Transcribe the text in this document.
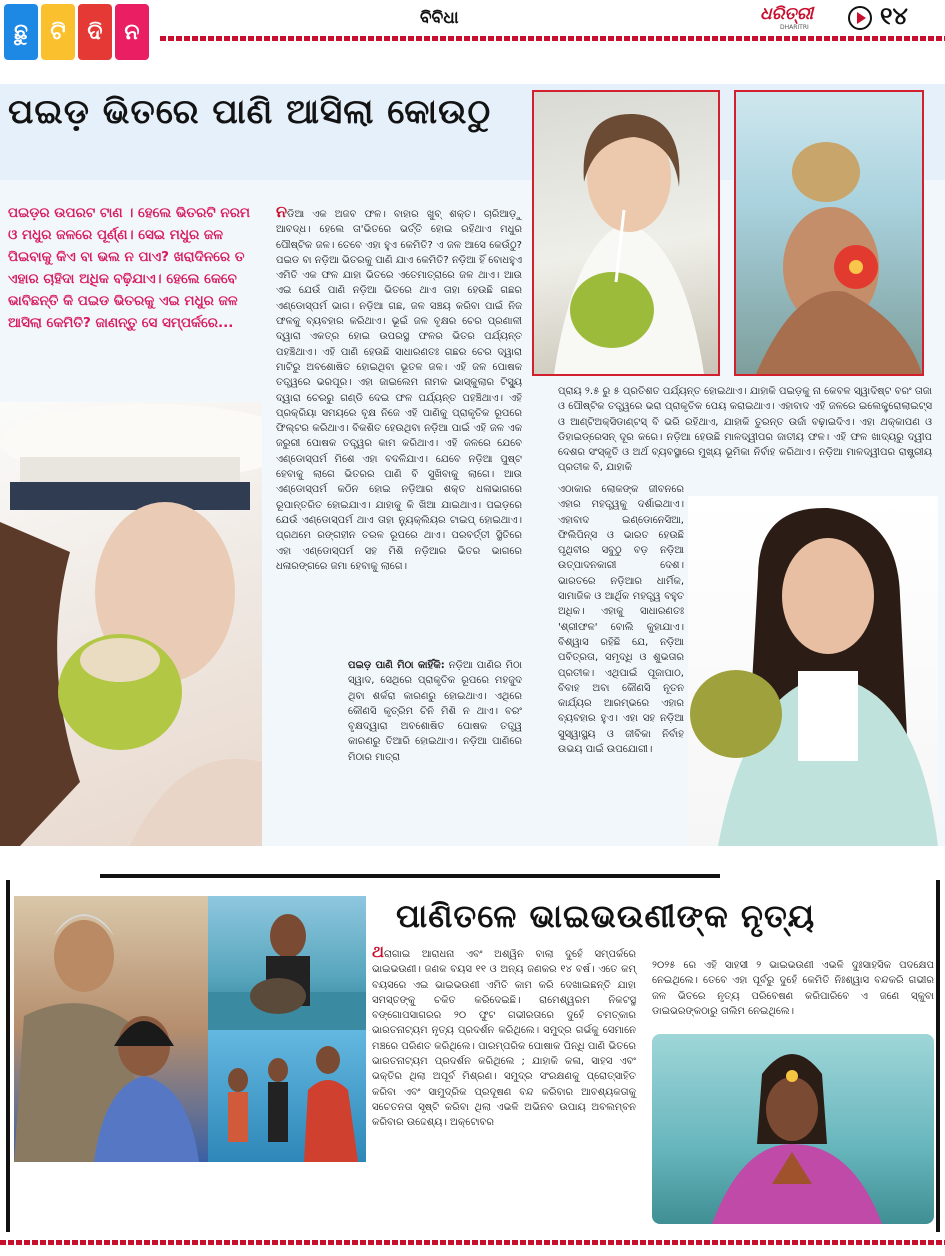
ଛୁ	ଟି ଦି ନ
ବିବିଧା	ଧରିତ୍ରୀ
DHARITRI	୧୪
ପଇଡ଼ ଭିତରେ ପାଣି ଆସିଲା କୋଉଠୁ
ପଇଡ଼ର ଉପରଟ ଟାଣ । ହେଲେ ଭିତରଟି ନରମ ଓ ମଧୁର ଜଳରେ ପୂର୍ଣ୍ଣ। ସେଇ ମଧୁର ଜଳ ପିଇବାକୁ କିଏ ବା ଭଲ ନ ପାଏ? ଖରାଦିନରେ ତ ଏହାର ଚାହିଦା ଅଧିକ ବଢ଼ିଯାଏ। ହେଲେ କେବେ ଭାବିଛନ୍ତି କି ପଇଡ ଭିତରକୁ ଏଇ ମଧୁର ଜଳ ଆସିଲା କେମିତି? ଜାଣନ୍ତୁ ସେ ସମ୍ପର୍କରେ...
ନଡିଆ ଏକ ଅଜବ ଫଳ। ବାହାର ଖୁବ୍ ଶକ୍ତ। ଚାରିଆଡ଼ୁ ଆବଦ୍ଧ। ହେଲେ ତା'ଭିତରେ ଭର୍ତ୍ତି ହୋଇ ରହିଥାଏ ମଧୁର ପୌଷ୍ଟିକ ଜଳ। ତେବେ ଏହା ହୁଏ କେମିତି? ଏ ଜଳ ଆସେ କେଉଁଠୁ? ପଇଡ ବା ନଡ଼ିଆ ଭିତରକୁ ପାଣି ଯାଏ କେମିତି? ନଡ଼ିଆ ହିଁ ବୋଧହୁଏ ଏମିତି ଏକ ଫଳ ଯାହା ଭିତରେ ଏତେମାତ୍ରାରେ ଜଳ ଥାଏ। ଆଉ ଏଇ ଯେଉଁ ପାଣି ନଡ଼ିଆ ଭିତରେ ଥାଏ ତାହା ହେଉଛି ଗଛର ଏଣ୍ଡୋସ୍ପର୍ମ ଭାଗ। ନଡ଼ିଆ ଗଛ, ଜଳ ସଞ୍ଚୟ କରିବା ପାଇଁ ନିଜ ଫଳକୁ ବ୍ୟବହାର କରିଥାଏ। ଭୂଇଁ ଜଳ ବୃକ୍ଷର ଚେର ପ୍ରଣାଳୀ ଦ୍ୱାରା ଏକତ୍ର ହୋଇ ଉପରସ୍ଥ ଫଳର ଭିତର ପର୍ଯ୍ୟନ୍ତ ପହଞ୍ଚିଥାଏ। ଏହି ପାଣି ହେଉଛି ସାଧାରଣତଃ ଗଛର ଚେର ଦ୍ୱାରା ମାଟିରୁ ଅବଶୋଷିତ ହୋଇଥିବା ଭୂତଳ ଜଳ। ଏହି ଜଳ ପୋଷକ ତତ୍ତ୍ୱରେ ଭରପୂର। ଏହା ଜାଇଲେମ ନାମକ ଭାସ୍କୁଲାର ଟିସ୍ୟୁ ଦ୍ୱାରା ଚେରରୁ ଗଣ୍ଡି ଦେଇ ଫଳ ପର୍ଯ୍ୟନ୍ତ ପହଞ୍ଚିଥାଏ। ଏହି ପ୍ରକ୍ରିୟା ସମୟରେ ବୃକ୍ଷ ନିଜେ ଏହି ପାଣିକୁ ପ୍ରାକୃତିକ ରୂପରେ ଫିଲ୍ଟର କରିଥାଏ। ବିକଶିତ ହେଉଥିବା ନଡ଼ିଆ ପାଇଁ ଏହି ଜଳ ଏକ ଜରୁରୀ ପୋଷକ ତତ୍ତ୍ୱର କାମ କରିଥାଏ। ଏହି ଜଳରେ ଯେବେ ଏଣ୍ଡୋସ୍ପର୍ମ ମିଶେ ଏହା ବଦଳିଯାଏ। ଯେବେ ନଡ଼ିଆ ପୁଷ୍ଟ ହେବାକୁ ଲାଗେ ଭିତରର ପାଣି ବି ସୁଖିବାକୁ ଲାଗେ। ଆଉ ଏଣ୍ଡୋସ୍ପର୍ମ କଠିନ ହୋଇ ନଡ଼ିଆର ଶକ୍ତ ଧଳାଭାଗରେ ରୂପାନ୍ତରିତ ହୋଇଯାଏ। ଯାହାକୁ କି ଖିଆ ଯାଇଥାଏ। ପଇଡ଼ରେ ଯେଉଁ ଏଣ୍ଡୋସ୍ପର୍ମ ଥାଏ ତାହା ନ୍ୟୁକ୍ଲିୟର ଟାଇପ୍ ହୋଇଥାଏ। ପ୍ରଥମେ ରଙ୍ଗହୀନ ତରଳ ରୂପରେ ଥାଏ। ପରବର୍ତ୍ତୀ ସ୍ଥିତିରେ ଏହା ଏଣ୍ଡୋସ୍ପର୍ମ ସହ ମିଶି ନଡ଼ିଆର ଭିତର ଭାଗରେ ଧଳାରଙ୍ଗରେ ଜମା ହେବାକୁ ଲାଗେ।
ପଇଡ଼ ପାଣି ମିଠା କାହିଁକି: ନଡ଼ିଆ ପାଣିର ମିଠା ସ୍ୱାଦ, ସେଥିରେ ପ୍ରାକୃତିକ ରୂପରେ ମହଜୁଦ ଥିବା ଶର୍କରା କାରଣରୁ ହୋଇଥାଏ। ଏଥିରେ କୌଣସି କୃତ୍ରିମ ଚିନି ମିଶି ନ ଥାଏ। ବରଂ ବୃକ୍ଷଦ୍ୱାରା ଅବଶୋଷିତ ପୋଷକ ତତ୍ତ୍ୱ କାରଣରୁ ତିଆରି ହୋଇଥାଏ। ନଡ଼ିଆ ପାଣିରେ ମିଠାର ମାତ୍ରା
ପ୍ରାୟ ୨.୫ ରୁ ୫ ପ୍ରତିଶତ ପର୍ଯ୍ୟନ୍ତ ହୋଇଥାଏ। ଯାହାକି ପଇଡ଼କୁ ନା କେବଳ ସ୍ୱାଦିଷ୍ଟ ବରଂ ତାଜା ଓ ପୌଷ୍ଟିକ ତତ୍ତ୍ୱରେ ଭରା ପ୍ରାକୃତିକ ପେୟ କରାଇଥାଏ। ଏହାବାଦ ଏହି ଜଳରେ ଇଲେକ୍ଟ୍ରୋଲାଇଟ୍ସ ଓ ଆଣ୍ଟିଅକ୍ସିଡାଣ୍ଟସ୍ ବି ଭରି ରହିଥାଏ, ଯାହାକି ତୁରନ୍ତ ଉର୍ଜା ବଢ଼ାଇଦିଏ। ଏହା ଥକ୍କାପଣ ଓ ଡିହାଇଡ୍ରେସନ୍ ଦୂର କରେ। ନଡ଼ିଆ ହେଉଛି ମାଳଦ୍ୱୀପର ଜାତୀୟ ଫଳ। ଏହି ଫଳ ଖାଦ୍ୟରୁ ଦ୍ୱୀପ ଦେଶର ସଂସ୍କୃତି ଓ ଅର୍ଥ ବ୍ୟବସ୍ଥାରେ ମୁଖ୍ୟ ଭୂମିକା ନିର୍ବାହ କରିଥାଏ। ନଡ଼ିଆ ମାଳଦ୍ୱୀପର ରାଷ୍ଟ୍ରୀୟ ପ୍ରତୀକ ବି, ଯାହାକି
ଏଠାକାର ଲୋକଙ୍କ ଜୀବନରେ ଏହାର ମହତ୍ତ୍ୱକୁ ଦର୍ଶାଇଥାଏ। ଏହାବାଦ ଇଣ୍ଡୋନେସିଆ, ଫିଲିପିନ୍ସ ଓ ଭାରତ ହେଉଛି ପୃଥିବୀର ସବୁଠୁ ବଡ଼ ନଡ଼ିଆ ଉତ୍ପାଦନକାରୀ ଦେଶ। ଭାରତରେ ନଡ଼ିଆର ଧାର୍ମିକ, ସାମାଜିକ ଓ ଆର୍ଥିକ ମହତ୍ତ୍ୱ ବହୁତ ଅଧିକ। ଏହାକୁ ସାଧାରଣତଃ 'ଶ୍ରୀଫଳ' ବୋଲି କୁହାଯାଏ। ବିଶ୍ୱାସ ରହିଛି ଯେ, ନଡ଼ିଆ ପବିତ୍ରତା, ସମୃଦ୍ଧି ଓ ଶୁଭତାର ପ୍ରତୀକ। ଏଥିପାଇଁ ପୂଜାପାଠ, ବିବାହ ଅବା କୌଣସି ନୂତନ କାର୍ଯ୍ୟର ଆରମ୍ଭରେ ଏହାର ବ୍ୟବହାର ହୁଏ। ଏହା ସହ ନଡ଼ିଆ ସୁସ୍ୱାସ୍ଥ୍ୟ ଓ ଜୀବିକା ନିର୍ବାହ ଉଭୟ ପାଇଁ ଉପଯୋଗୀ।
ପାଣିତଳେ ଭାଇଭଉଣୀଙ୍କ ନୃତ୍ୟ
ଥରାଗାଇ ଆରାଧନା ଏବଂ ଅଶ୍ୱିନ ବାଲା ଦୁହେଁ ସମ୍ପର୍କରେ ଭାଇଭଉଣୀ। ଜଣକ ବୟସ ୧୧ ଓ ଅନ୍ୟ ଜଣକର ୧୪ ବର୍ଷ। ଏତେ କମ୍ ବୟସରେ ଏଇ ଭାଇଭଉଣୀ ଏମିତି କାମ କରି ଦେଖାଇଛନ୍ତି ଯାହା ସମସ୍ତଙ୍କୁ ଚକିତ କରିଦେଇଛି। ରାମେଶ୍ୱରମ ନିକଟସ୍ଥ ବଙ୍ଗୋପସାଗରର ୨୦ ଫୁଟ ଗଭୀରତାରେ ଦୁହେଁ ଚମତ୍କାର ଭାରତନାଟ୍ୟମ ନୃତ୍ୟ ପ୍ରଦର୍ଶନ କରିଥିଲେ। ସମୁଦ୍ର ଗର୍ଭକୁ ସେମାନେ ମଞ୍ଚରେ ପରିଣତ କରିଥିଲେ। ପାରମ୍ପରିକ ପୋଷାକ ପିନ୍ଧି ପାଣି ଭିତରେ ଭାରତନାଟ୍ୟମ ପ୍ରଦର୍ଶନ କରିଥିଲେ ; ଯାହାକି କଳା, ସାହସ ଏବଂ ଭକ୍ତିର ଥିଲା ଅପୂର୍ବ ମିଶ୍ରଣ। ସମୁଦ୍ର ସଂରକ୍ଷଣକୁ ପ୍ରୋତ୍ସାହିତ କରିବା ଏବଂ ସାମୁଦ୍ରିକ ପ୍ରଦୂଷଣ ବନ୍ଦ କରିବାର ଆବଶ୍ୟକତାକୁ ସଚେତନତା ସୃଷ୍ଟି କରିବା ଥିଲା ଏଭଳି ଅଭିନବ ଉପାୟ ଅବଲମ୍ବନ କରିବାର ଉଦ୍ଦେଶ୍ୟ। ଅକ୍ଟୋବର
୨୦୨୫ ରେ ଏହି ସାହସୀ ୨ ଭାଇଭଉଣୀ ଏଭଳି ଦୁଃସାହସିକ ପଦକ୍ଷେପ ନେଇଥିଲେ। ତେବେ ଏହା ପୂର୍ବରୁ ଦୁହେଁ କେମିତି ନିଃଶ୍ୱାସ ବନ୍ଦକରି ଗଭୀର ଜଳ ଭିତରେ ନୃତ୍ୟ ପରିବେଷଣ କରିପାରିବେ ଏ ଜଣେ ସ୍କୁବା ଡାଇଭରଙ୍କଠାରୁ ତାଲିମ ନେଇଥିଲେ।
